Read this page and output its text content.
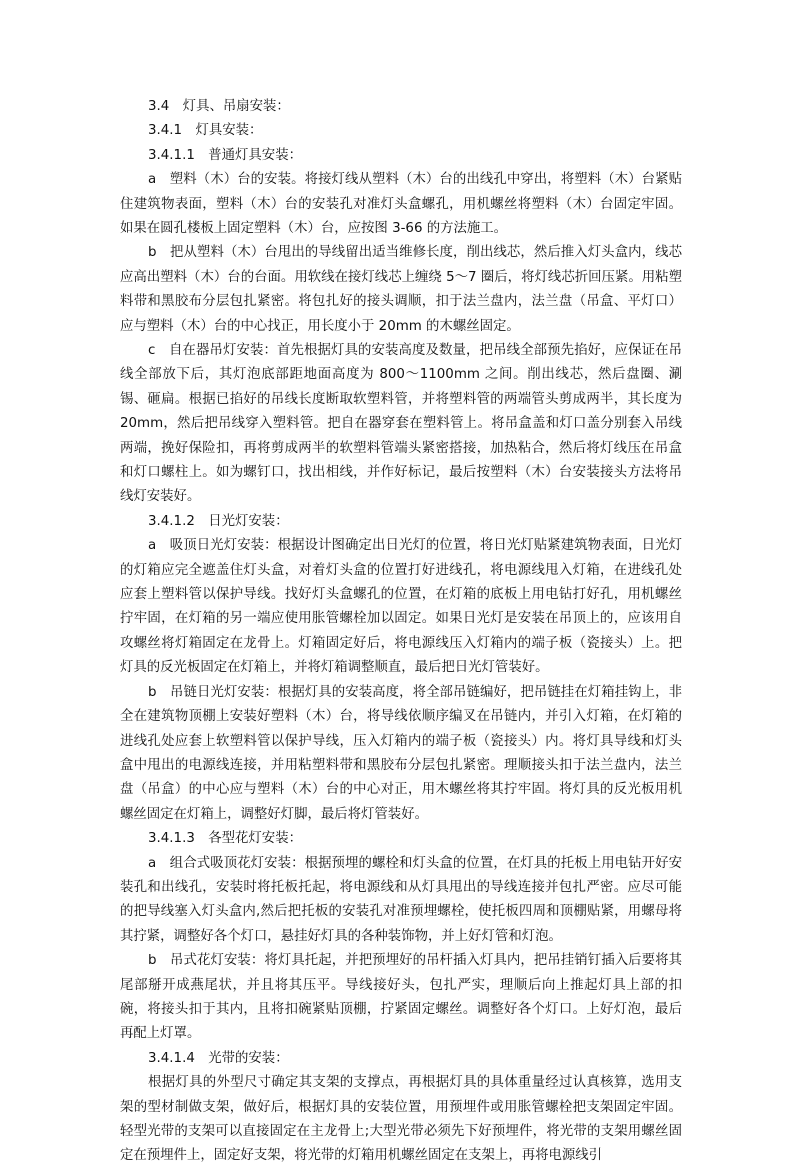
3.4　灯具、吊扇安装：
3.4.1　灯具安装：
3.4.1.1　普通灯具安装：

a　塑料（木）台的安装。将接灯线从塑料（木）台的出线孔中穿出，将塑料（木）台紧贴住建筑物表面，塑料（木）台的安装孔对准灯头盒螺孔，用机螺丝将塑料（木）台固定牢固。如果在圆孔楼板上固定塑料（木）台，应按图 3-66 的方法施工。

b　把从塑料（木）台甩出的导线留出适当维修长度，削出线芯，然后推入灯头盒内，线芯应高出塑料（木）台的台面。用软线在接灯线芯上缠绕 5～7 圈后，将灯线芯折回压紧。用粘塑料带和黑胶布分层包扎紧密。将包扎好的接头调顺，扣于法兰盘内，法兰盘（吊盒、平灯口）应与塑料（木）台的中心找正，用长度小于 20mm 的木螺丝固定。

c　自在器吊灯安装：首先根据灯具的安装高度及数量，把吊线全部预先掐好，应保证在吊线全部放下后，其灯泡底部距地面高度为 800～1100mm 之间。削出线芯，然后盘圈、涮锡、砸扁。根据已掐好的吊线长度断取软塑料管，并将塑料管的两端管头剪成两半，其长度为 20mm，然后把吊线穿入塑料管。把自在器穿套在塑料管上。将吊盒盖和灯口盖分别套入吊线两端，挽好保险扣，再将剪成两半的软塑料管端头紧密搭接，加热粘合，然后将灯线压在吊盒和灯口螺柱上。如为螺钉口，找出相线，并作好标记，最后按塑料（木）台安装接头方法将吊线灯安装好。

3.4.1.2　日光灯安装：

a　吸顶日光灯安装：根据设计图确定出日光灯的位置，将日光灯贴紧建筑物表面，日光灯的灯箱应完全遮盖住灯头盒，对着灯头盒的位置打好进线孔，将电源线甩入灯箱，在进线孔处应套上塑料管以保护导线。找好灯头盒螺孔的位置，在灯箱的底板上用电钻打好孔，用机螺丝拧牢固，在灯箱的另一端应使用胀管螺栓加以固定。如果日光灯是安装在吊顶上的，应该用自攻螺丝将灯箱固定在龙骨上。灯箱固定好后，将电源线压入灯箱内的端子板（瓷接头）上。把灯具的反光板固定在灯箱上，并将灯箱调整顺直，最后把日光灯管装好。

b　吊链日光灯安装：根据灯具的安装高度，将全部吊链编好，把吊链挂在灯箱挂钩上，非全在建筑物顶棚上安装好塑料（木）台，将导线依顺序编叉在吊链内，并引入灯箱，在灯箱的进线孔处应套上软塑料管以保护导线，压入灯箱内的端子板（瓷接头）内。将灯具导线和灯头盒中甩出的电源线连接，并用粘塑料带和黑胶布分层包扎紧密。理顺接头扣于法兰盘内，法兰盘（吊盒）的中心应与塑料（木）台的中心对正，用木螺丝将其拧牢固。将灯具的反光板用机螺丝固定在灯箱上，调整好灯脚，最后将灯管装好。

3.4.1.3　各型花灯安装：

a　组合式吸顶花灯安装：根据预埋的螺栓和灯头盒的位置，在灯具的托板上用电钻开好安装孔和出线孔，安装时将托板托起，将电源线和从灯具甩出的导线连接并包扎严密。应尽可能的把导线塞入灯头盒内,然后把托板的安装孔对准预埋螺栓，使托板四周和顶棚贴紧，用螺母将其拧紧，调整好各个灯口，悬挂好灯具的各种装饰物，并上好灯管和灯泡。

b　吊式花灯安装：将灯具托起，并把预埋好的吊杆插入灯具内，把吊挂销钉插入后要将其尾部掰开成燕尾状，并且将其压平。导线接好头，包扎严实，理顺后向上推起灯具上部的扣碗，将接头扣于其内，且将扣碗紧贴顶棚，拧紧固定螺丝。调整好各个灯口。上好灯泡，最后再配上灯罩。

3.4.1.4　光带的安装：

根据灯具的外型尺寸确定其支架的支撑点，再根据灯具的具体重量经过认真核算，选用支架的型材制做支架，做好后，根据灯具的安装位置，用预埋件或用胀管螺栓把支架固定牢固。轻型光带的支架可以直接固定在主龙骨上;大型光带必须先下好预埋件，将光带的支架用螺丝固定在预埋件上，固定好支架，将光带的灯箱用机螺丝固定在支架上，再将电源线引
